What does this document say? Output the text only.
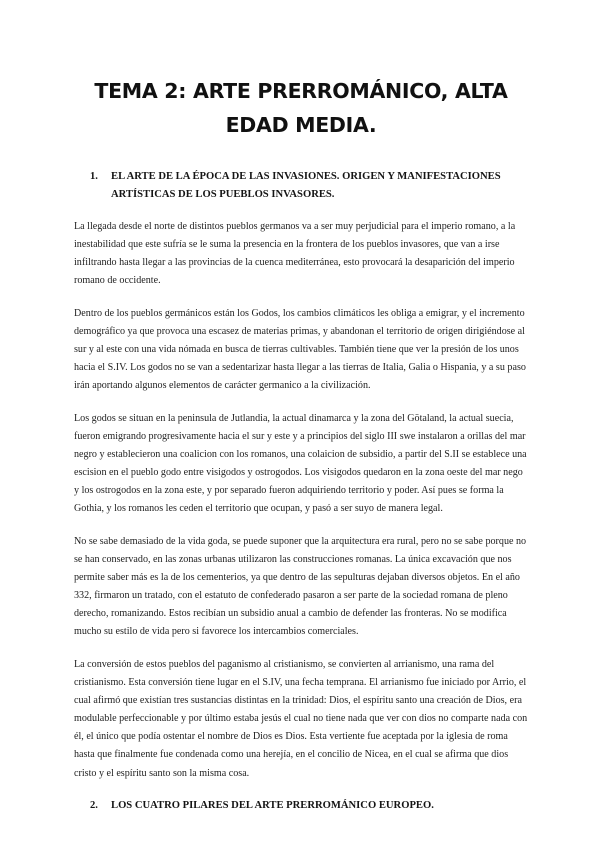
TEMA 2: ARTE PRERROMÁNICO, ALTA EDAD MEDIA.
1.	EL ARTE DE LA ÉPOCA DE LAS INVASIONES. ORIGEN Y MANIFESTACIONES ARTÍSTICAS DE LOS PUEBLOS INVASORES.

La llegada desde el norte de distintos pueblos germanos va a ser muy perjudicial para el imperio romano, a la inestabilidad que este sufría se le suma la presencia en la frontera de los pueblos invasores, que van a irse infiltrando hasta llegar a las provincias de la cuenca mediterránea, esto provocará la desaparición del imperio romano de occidente.

Dentro de los pueblos germánicos están los Godos, los cambios climáticos les obliga a emigrar, y el incremento demográfico ya que provoca una escasez de materias primas, y abandonan el territorio de origen dirigiéndose al sur y al este con una vida nómada en busca de tierras cultivables. También tiene que ver la presión de los unos hacia el S.IV. Los godos no se van a sedentarizar hasta llegar a las tierras de Italia, Galia o Hispania, y a su paso irán aportando algunos elementos de carácter germanico a la civilización.

Los godos se situan en la peninsula de Jutlandia, la actual dinamarca y la zona del Götaland, la actual suecia, fueron emigrando progresivamente hacia el sur y este y a principios del siglo III swe instalaron a orillas del mar negro y establecieron una coalicion con los romanos, una colaicion de subsidio, a partir del S.II se establece una escision en el pueblo godo entre visigodos y ostrogodos. Los visigodos quedaron en la zona oeste del mar nego y los ostrogodos en la zona este, y por separado fueron adquiriendo territorio y poder. Así pues se forma la Gothia, y los romanos les ceden el territorio que ocupan, y pasó a ser suyo de manera legal.

No se sabe demasiado de la vida goda, se puede suponer que la arquitectura era rural, pero no se sabe porque no se han conservado, en las zonas urbanas utilizaron las construcciones romanas. La única excavación que nos permite saber más es la de los cementerios, ya que dentro de las sepulturas dejaban diversos objetos. En el año 332, firmaron un tratado, con el estatuto de confederado pasaron a ser parte de la sociedad romana de pleno derecho, romanizando. Estos recibían un subsidio anual a cambio de defender las fronteras. No se modifica mucho su estilo de vida pero si favorece los intercambios comerciales.

La conversión de estos pueblos del paganismo al cristianismo, se convierten al arrianismo, una rama del cristianismo. Esta conversión tiene lugar en el S.IV, una fecha temprana. El arrianismo fue iniciado por Arrio, el cual afirmó que existían tres sustancias distintas en la trinidad: Dios, el espíritu santo una creación de Dios, era modulable perfeccionable y por último estaba jesús el cual no tiene nada que ver con dios no comparte nada con él, el único que podía ostentar el nombre de Dios es Dios. Esta vertiente fue aceptada por la iglesia de roma hasta que finalmente fue condenada como una herejía, en el concilio de Nicea, en el cual se afirma que dios cristo y el espíritu santo son la misma cosa.

2.	LOS CUATRO PILARES DEL ARTE PRERROMÁNICO EUROPEO.
